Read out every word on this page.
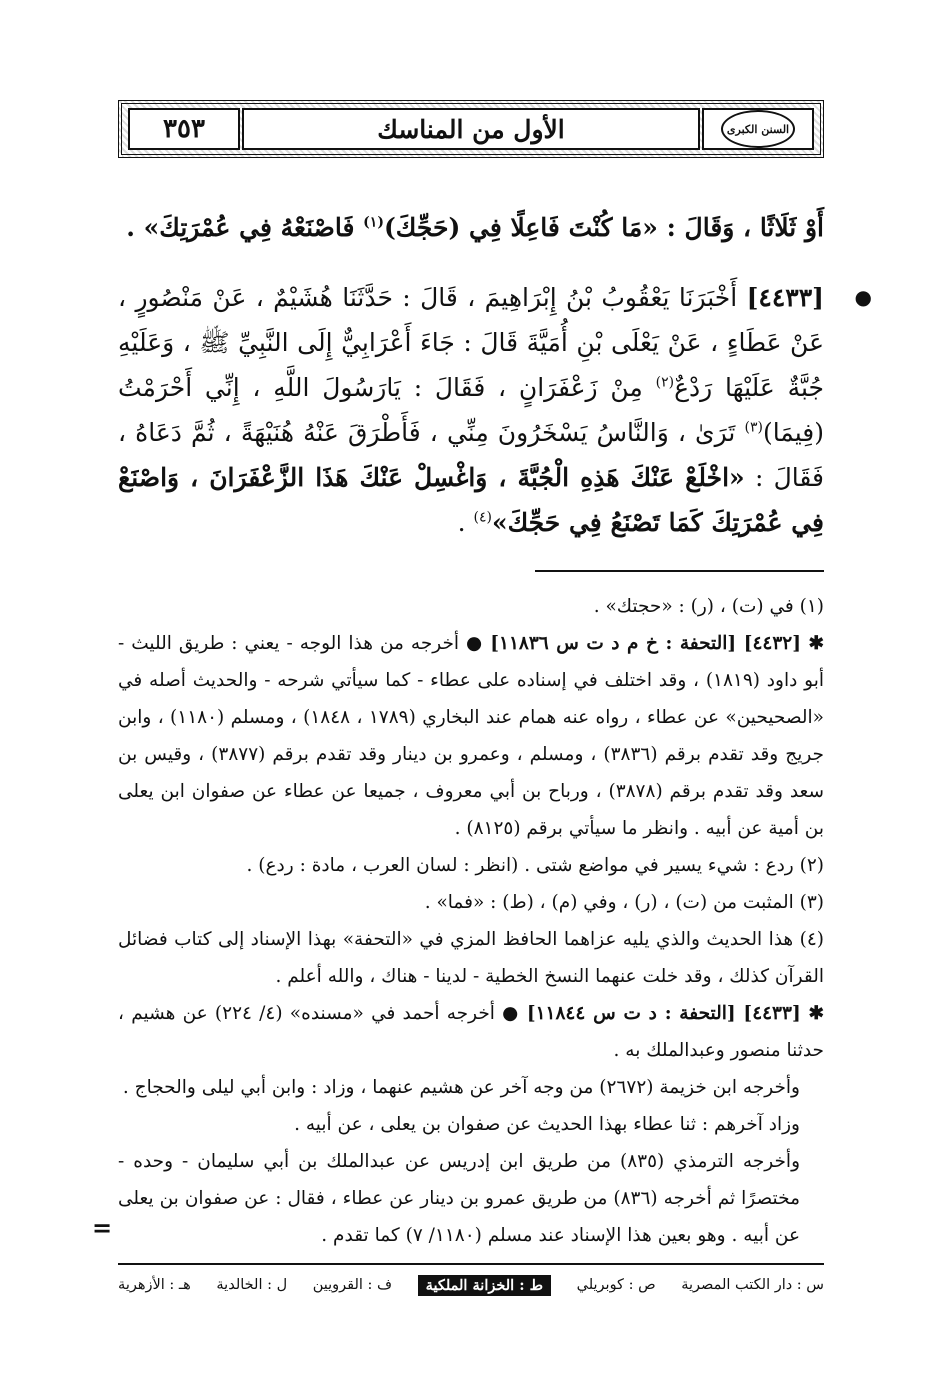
السنن الكبرى
الأول من المناسك
٣٥٣

أَوْ ثَلَاثًا ، وَقَالَ : «مَا كُنْتَ فَاعِلًا فِي (حَجِّكَ)$^{(١)}$ فَاصْنَعْهُ فِي عُمْرَتِكَ» .

●
[٤٤٣٣] أَخْبَرَنَا يَعْقُوبُ بْنُ إِبْرَاهِيمَ ، قَالَ : حَدَّثَنَا هُشَيْمٌ ، عَنْ مَنْصُورٍ ، عَنْ عَطَاءٍ ، عَنْ يَعْلَى بْنِ أُمَيَّةَ قَالَ : جَاءَ أَعْرَابِيٌّ إِلَى النَّبِيِّ ﷺ ، وَعَلَيْهِ جُبَّةٌ عَلَيْهَا رَدْعٌ$^{(٢)}$ مِنْ زَعْفَرَانٍ ، فَقَالَ : يَارَسُولَ اللَّهِ ، إِنِّي أَحْرَمْتُ (فِيمَا)$^{(٣)}$ تَرَىٰ ، وَالنَّاسُ يَسْخَرُونَ مِنِّي ، فَأَطْرَقَ عَنْهُ هُنَيْهَةً ، ثُمَّ دَعَاهُ ، فَقَالَ : «اخْلَعْ عَنْكَ هَذِهِ الْجُبَّةَ ، وَاغْسِلْ عَنْكَ هَذَا الزَّعْفَرَانَ ، وَاصْنَعْ فِي عُمْرَتِكَ كَمَا تَصْنَعُ فِي حَجِّكَ»$^{(٤)}$ .

(١) في (ت) ، (ر) : «حجتك» .

✱ [٤٤٣٢] [التحفة : خ م د ت س ١١٨٣٦] ● أخرجه من هذا الوجه - يعني : طريق الليث - أبو داود (١٨١٩) ، وقد اختلف في إسناده على عطاء - كما سيأتي شرحه - والحديث أصله في «الصحيحين» عن عطاء ، رواه عنه همام عند البخاري (١٧٨٩ ، ١٨٤٨) ، ومسلم (١١٨٠) ، وابن جريج وقد تقدم برقم (٣٨٣٦) ، ومسلم ، وعمرو بن دينار وقد تقدم برقم (٣٨٧٧) ، وقيس بن سعد وقد تقدم برقم (٣٨٧٨) ، ورباح بن أبي معروف ، جميعا عن عطاء عن صفوان ابن يعلى بن أمية عن أبيه . وانظر ما سيأتي برقم (٨١٢٥) .

(٢) ردع : شيء يسير في مواضع شتى . (انظر : لسان العرب ، مادة : ردع) .

(٣) المثبت من (ت) ، (ر) ، وفي (م) ، (ط) : «فما» .

(٤) هذا الحديث والذي يليه عزاهما الحافظ المزي في «التحفة» بهذا الإسناد إلى كتاب فضائل القرآن كذلك ، وقد خلت عنهما النسخ الخطية - لدينا - هناك ، والله أعلم .

✱ [٤٤٣٣] [التحفة : د ت س ١١٨٤٤] ● أخرجه أحمد في «مسنده» (٤/ ٢٢٤) عن هشيم ، حدثنا منصور وعبدالملك به .

وأخرجه ابن خزيمة (٢٦٧٢) من وجه آخر عن هشيم عنهما ، وزاد : وابن أبي ليلى والحجاج .

وزاد آخرهم : ثنا عطاء بهذا الحديث عن صفوان بن يعلى ، عن أبيه .

وأخرجه الترمذي (٨٣٥) من طريق ابن إدريس عن عبدالملك بن أبي سليمان - وحده - مختصرًا ثم أخرجه (٨٣٦) من طريق عمرو بن دينار عن عطاء ، فقال : عن صفوان بن يعلى عن أبيه . وهو بعين هذا الإسناد عند مسلم (١١٨٠/ ٧) كما تقدم .

=
س : دار الكتب المصرية
ص : كوبريلي
ط : الخزانة الملكية
ف : القرويين
ل : الخالدية
هـ : الأزهرية
